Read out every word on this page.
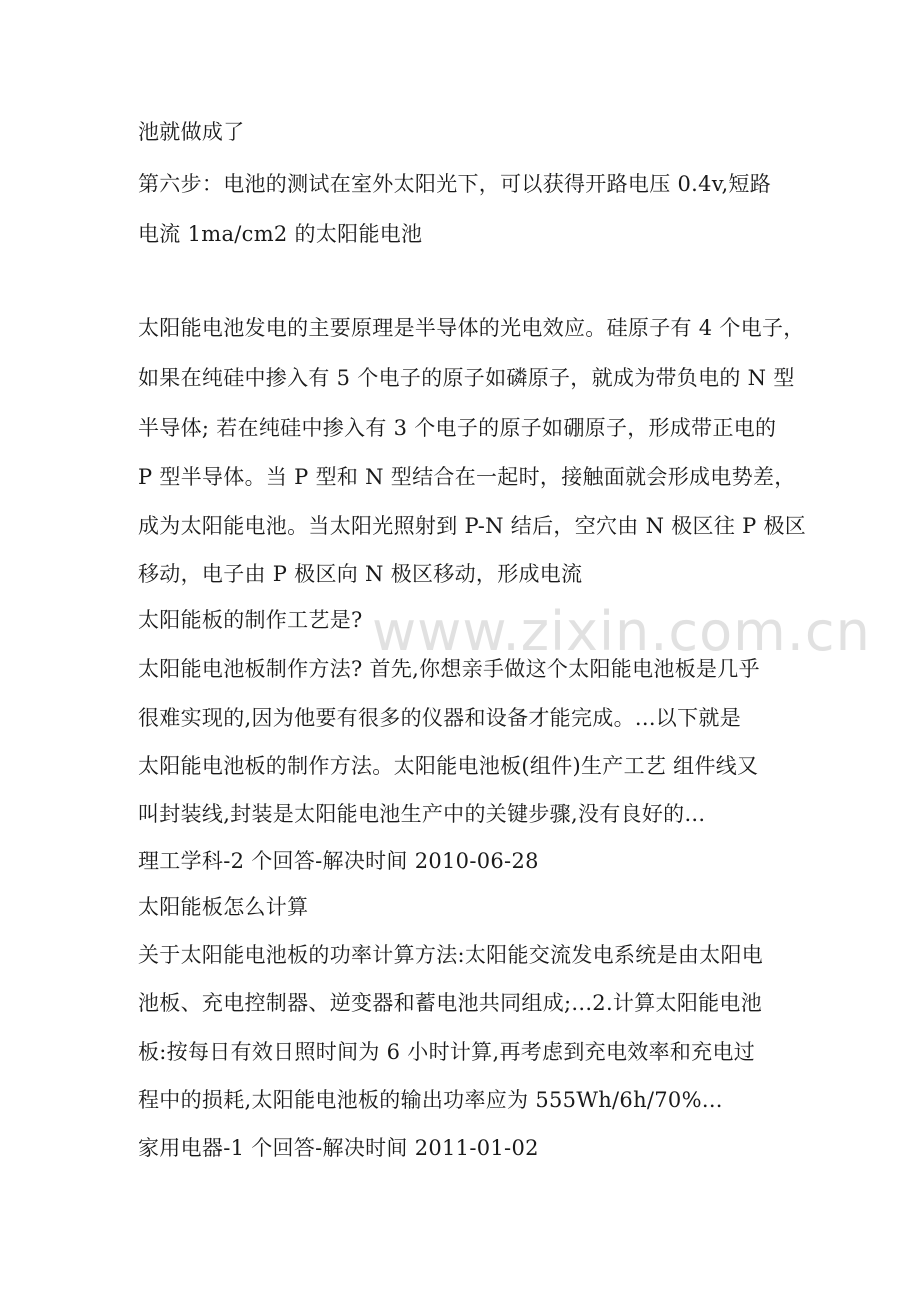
www.zixin.com.cn
池就做成了
第六步：电池的测试在室外太阳光下，可以获得开路电压 0.4v,短路
电流 1ma/cm2 的太阳能电池
太阳能电池发电的主要原理是半导体的光电效应。硅原子有 4 个电子，
如果在纯硅中掺入有 5 个电子的原子如磷原子，就成为带负电的 N 型
半导体; 若在纯硅中掺入有 3 个电子的原子如硼原子，形成带正电的
P 型半导体。当 P 型和 N 型结合在一起时，接触面就会形成电势差，
成为太阳能电池。当太阳光照射到 P-N 结后，空穴由 N 极区往 P 极区
移动，电子由 P 极区向 N 极区移动，形成电流
太阳能板的制作工艺是?
太阳能电池板制作方法? 首先,你想亲手做这个太阳能电池板是几乎
很难实现的,因为他要有很多的仪器和设备才能完成。...以下就是
太阳能电池板的制作方法。太阳能电池板(组件)生产工艺 组件线又
叫封装线,封装是太阳能电池生产中的关键步骤,没有良好的...
理工学科-2 个回答-解决时间 2010-06-28
太阳能板怎么计算
关于太阳能电池板的功率计算方法:太阳能交流发电系统是由太阳电
池板、充电控制器、逆变器和蓄电池共同组成;...2.计算太阳能电池
板:按每日有效日照时间为 6 小时计算,再考虑到充电效率和充电过
程中的损耗,太阳能电池板的输出功率应为 555Wh/6h/70%...
家用电器-1 个回答-解决时间 2011-01-02
